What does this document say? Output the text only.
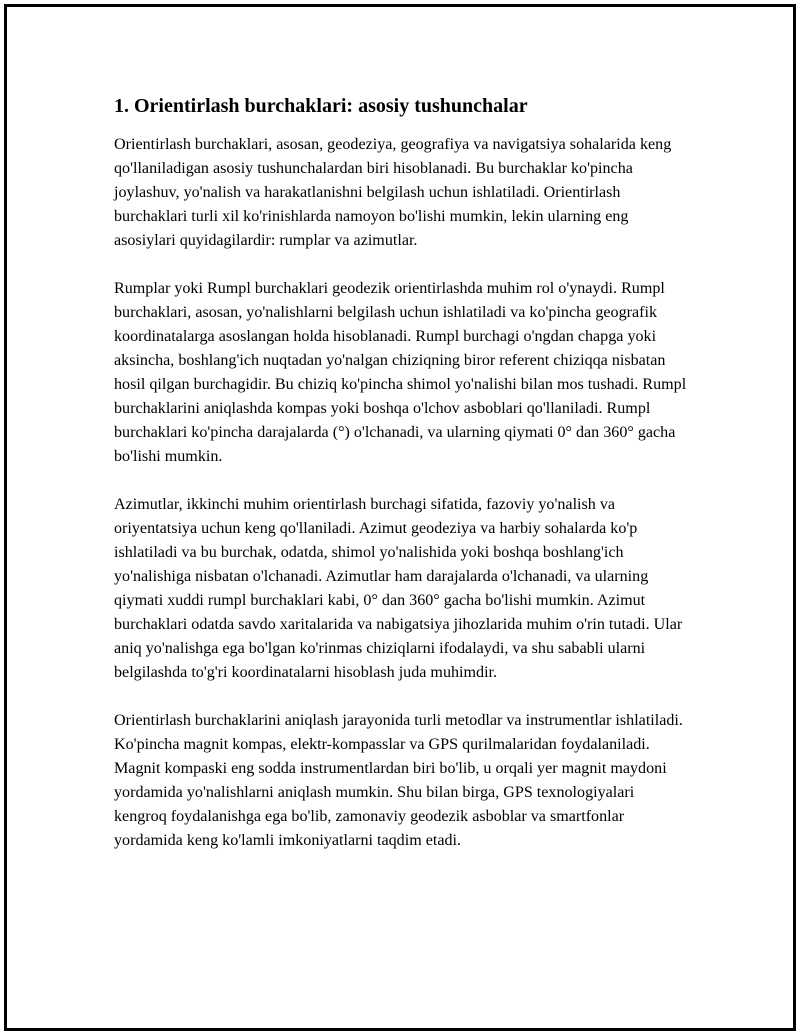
1. Orientirlash burchaklari: asosiy tushunchalar

Orientirlash burchaklari, asosan, geodeziya, geografiya va navigatsiya sohalarida keng qo'llaniladigan asosiy tushunchalardan biri hisoblanadi. Bu burchaklar ko'pincha joylashuv, yo'nalish va harakatlanishni belgilash uchun ishlatiladi. Orientirlash burchaklari turli xil ko'rinishlarda namoyon bo'lishi mumkin, lekin ularning eng asosiylari quyidagilardir: rumplar va azimutlar.

Rumplar yoki Rumpl burchaklari geodezik orientirlashda muhim rol o'ynaydi. Rumpl burchaklari, asosan, yo'nalishlarni belgilash uchun ishlatiladi va ko'pincha geografik koordinatalarga asoslangan holda hisoblanadi. Rumpl burchagi o'ngdan chapga yoki aksincha, boshlang'ich nuqtadan yo'nalgan chiziqning biror referent chiziqqa nisbatan hosil qilgan burchagidir. Bu chiziq ko'pincha shimol yo'nalishi bilan mos tushadi. Rumpl burchaklarini aniqlashda kompas yoki boshqa o'lchov asboblari qo'llaniladi. Rumpl burchaklari ko'pincha darajalarda (°) o'lchanadi, va ularning qiymati 0° dan 360° gacha bo'lishi mumkin.

Azimutlar, ikkinchi muhim orientirlash burchagi sifatida, fazoviy yo'nalish va oriyentatsiya uchun keng qo'llaniladi. Azimut geodeziya va harbiy sohalarda ko'p ishlatiladi va bu burchak, odatda, shimol yo'nalishida yoki boshqa boshlang'ich yo'nalishiga nisbatan o'lchanadi. Azimutlar ham darajalarda o'lchanadi, va ularning qiymati xuddi rumpl burchaklari kabi, 0° dan 360° gacha bo'lishi mumkin. Azimut burchaklari odatda savdo xaritalarida va nabigatsiya jihozlarida muhim o'rin tutadi. Ular aniq yo'nalishga ega bo'lgan ko'rinmas chiziqlarni ifodalaydi, va shu sababli ularni belgilashda to'g'ri koordinatalarni hisoblash juda muhimdir.

Orientirlash burchaklarini aniqlash jarayonida turli metodlar va instrumentlar ishlatiladi. Ko'pincha magnit kompas, elektr-kompasslar va GPS qurilmalaridan foydalaniladi. Magnit kompaski eng sodda instrumentlardan biri bo'lib, u orqali yer magnit maydoni yordamida yo'nalishlarni aniqlash mumkin. Shu bilan birga, GPS texnologiyalari kengroq foydalanishga ega bo'lib, zamonaviy geodezik asboblar va smartfonlar yordamida keng ko'lamli imkoniyatlarni taqdim etadi.
